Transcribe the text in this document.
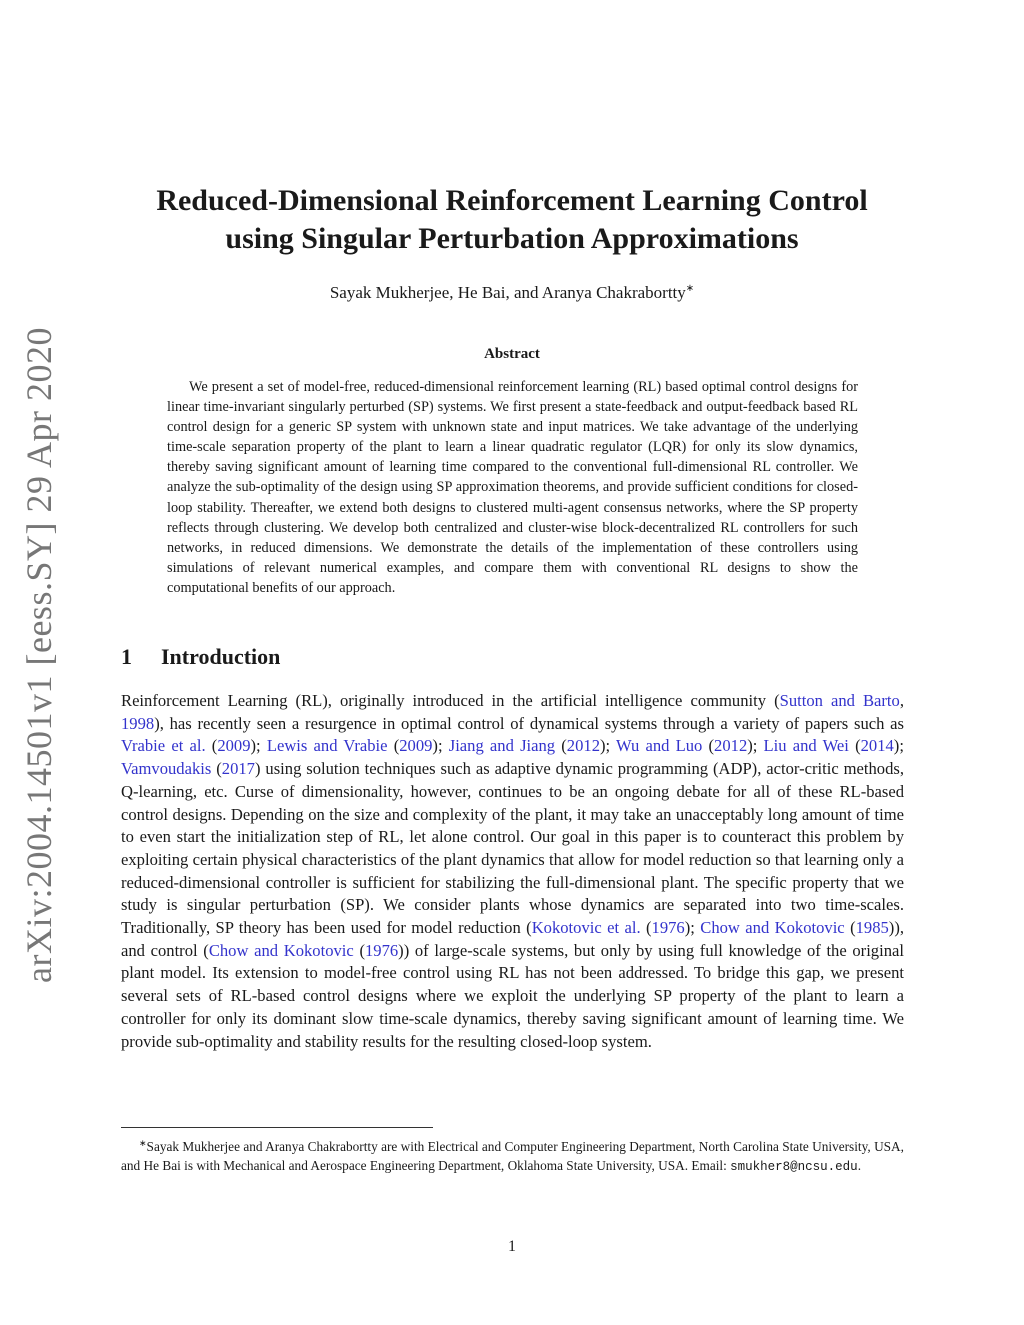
arXiv:2004.14501v1 [eess.SY] 29 Apr 2020
Reduced-Dimensional Reinforcement Learning Control
using Singular Perturbation Approximations
Sayak Mukherjee, He Bai, and Aranya Chakrabortty∗
Abstract

We present a set of model-free, reduced-dimensional reinforcement learning (RL) based optimal control designs for linear time-invariant singularly perturbed (SP) systems. We first present a state-feedback and output-feedback based RL control design for a generic SP system with unknown state and input matrices. We take advantage of the underlying time-scale separation property of the plant to learn a linear quadratic regulator (LQR) for only its slow dynamics, thereby saving significant amount of learning time compared to the conventional full-dimensional RL controller. We analyze the sub-optimality of the design using SP approximation theorems, and provide sufficient conditions for closed-loop stability. Thereafter, we extend both designs to clustered multi-agent consensus networks, where the SP property reflects through clustering. We develop both centralized and cluster-wise block-decentralized RL controllers for such networks, in reduced dimensions. We demonstrate the details of the implementation of these controllers using simulations of relevant numerical examples, and compare them with conventional RL designs to show the computational benefits of our approach.

1 Introduction

Reinforcement Learning (RL), originally introduced in the artificial intelligence community (Sutton and Barto, 1998), has recently seen a resurgence in optimal control of dynamical systems through a variety of papers such as Vrabie et al. (2009); Lewis and Vrabie (2009); Jiang and Jiang (2012); Wu and Luo (2012); Liu and Wei (2014); Vamvoudakis (2017) using solution techniques such as adaptive dynamic programming (ADP), actor-critic methods, Q-learning, etc. Curse of dimensionality, however, continues to be an ongoing debate for all of these RL-based control designs. Depending on the size and complexity of the plant, it may take an unacceptably long amount of time to even start the initialization step of RL, let alone control. Our goal in this paper is to counteract this problem by exploiting certain physical characteristics of the plant dynamics that allow for model reduction so that learning only a reduced-dimensional controller is sufficient for stabilizing the full-dimensional plant. The specific property that we study is singular perturbation (SP). We consider plants whose dynamics are separated into two time-scales. Traditionally, SP theory has been used for model reduction (Kokotovic et al. (1976); Chow and Kokotovic (1985)), and control (Chow and Kokotovic (1976)) of large-scale systems, but only by using full knowledge of the original plant model. Its extension to model-free control using RL has not been addressed. To bridge this gap, we present several sets of RL-based control designs where we exploit the underlying SP property of the plant to learn a controller for only its dominant slow time-scale dynamics, thereby saving significant amount of learning time. We provide sub-optimality and stability results for the resulting closed-loop system.

∗Sayak Mukherjee and Aranya Chakrabortty are with Electrical and Computer Engineering Department, North Carolina State University, USA, and He Bai is with Mechanical and Aerospace Engineering Department, Oklahoma State University, USA. Email: smukher8@ncsu.edu.

1
